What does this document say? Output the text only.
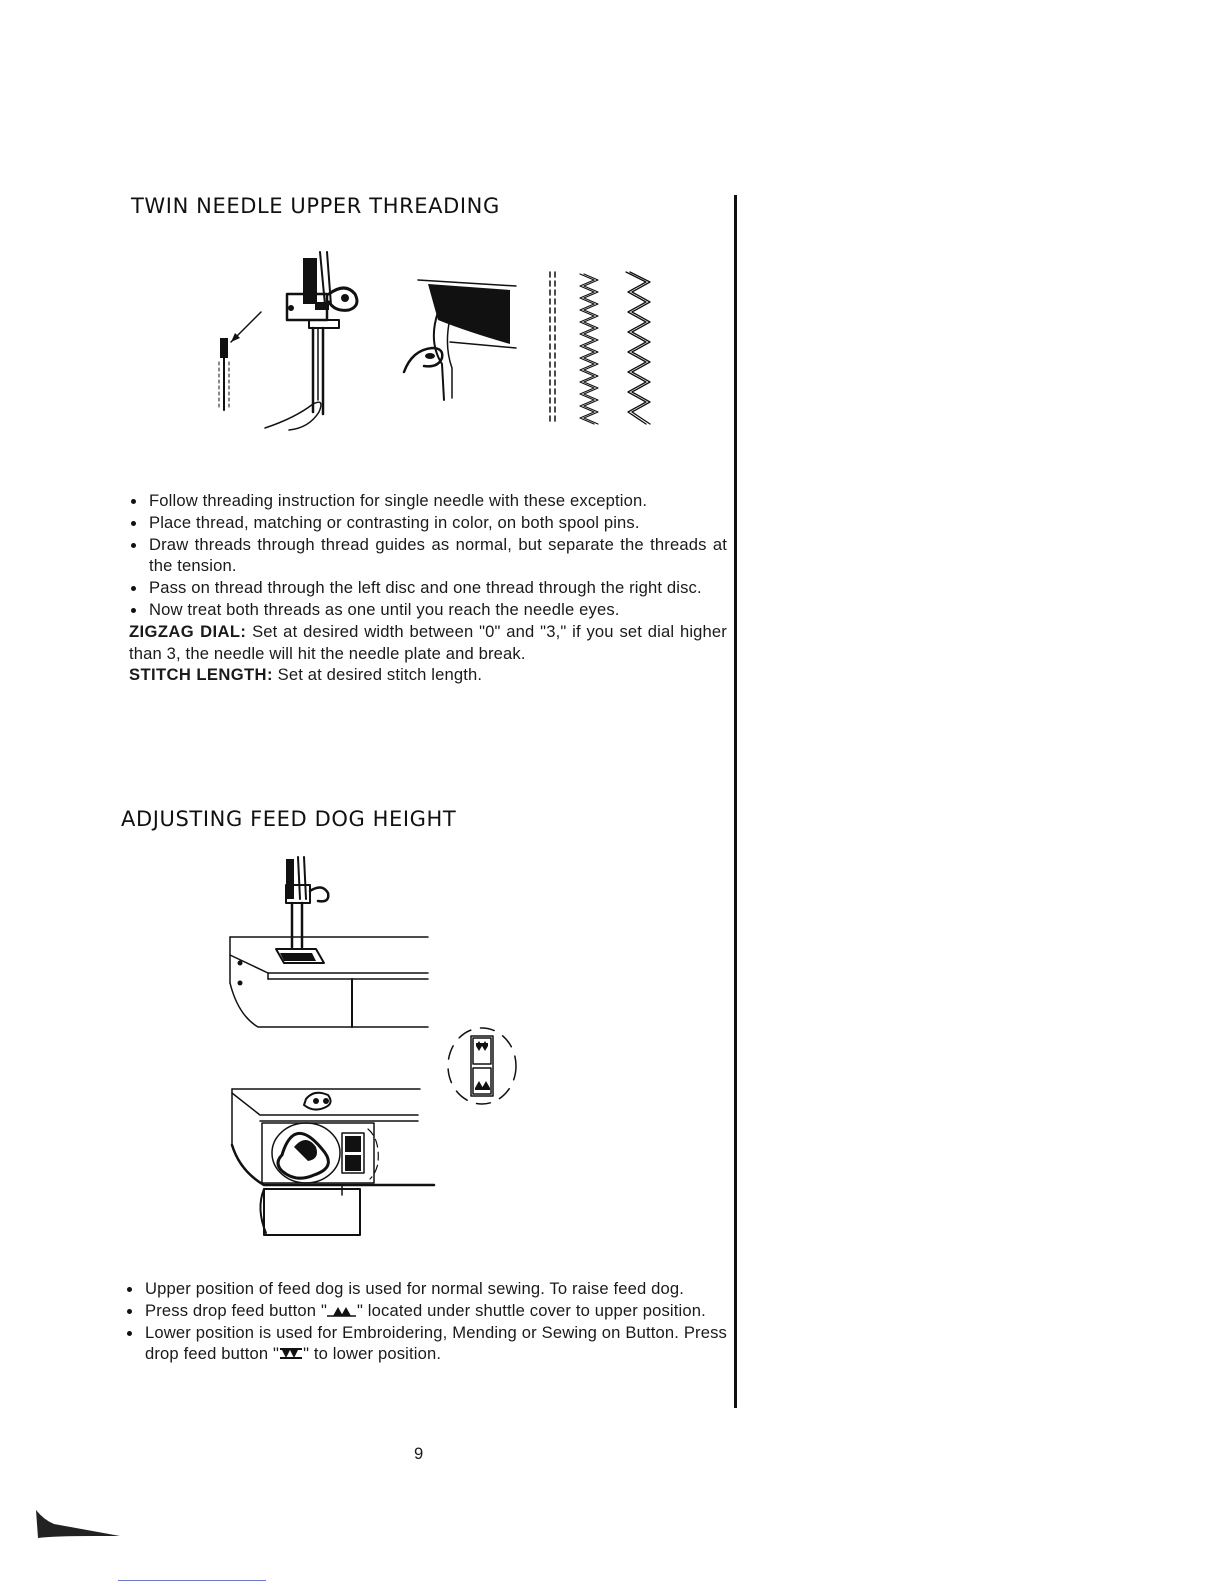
TWIN NEEDLE UPPER THREADING
Follow threading instruction for single needle with these exception.
Place thread, matching or contrasting in color, on both spool pins.
Draw threads through thread guides as normal, but separate the threads at the tension.
Pass on thread through the left disc and one thread through the right disc.
Now treat both threads as one until you reach the needle eyes.

ZIGZAG DIAL: Set at desired width between "0" and "3," if you set dial higher than 3, the needle will hit the needle plate and break.

STITCH LENGTH: Set at desired stitch length.

ADJUSTING FEED DOG HEIGHT
Upper position of feed dog is used for normal sewing. To raise feed dog.
Press drop feed button " " located under shuttle cover to upper position.
Lower position is used for Embroidering, Mending or Sewing on Button. Press drop feed button " " to lower position.
9
